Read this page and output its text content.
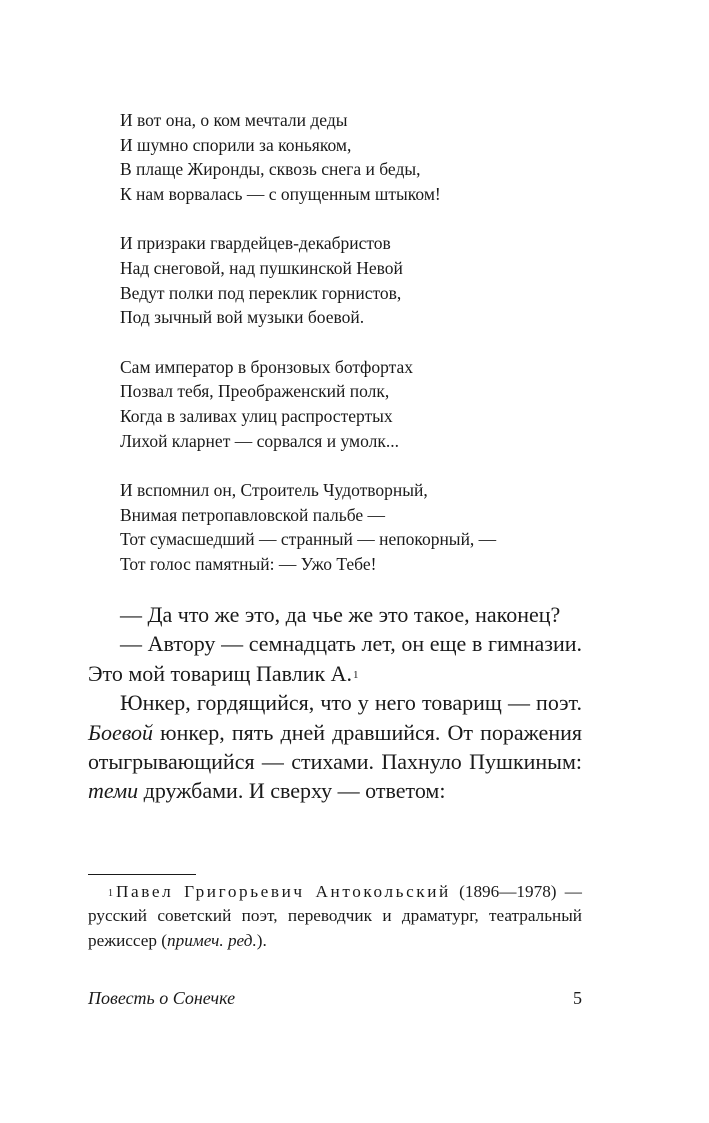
И вот она, о ком мечтали деды
И шумно спорили за коньяком,
В плаще Жиронды, сквозь снега и беды,
К нам ворвалась — с опущенным штыком!
И призраки гвардейцев-декабристов
Над снеговой, над пушкинской Невой
Ведут полки под переклик горнистов,
Под зычный вой музыки боевой.
Сам император в бронзовых ботфортах
Позвал тебя, Преображенский полк,
Когда в заливах улиц распростертых
Лихой кларнет — сорвался и умолк...
И вспомнил он, Строитель Чудотворный,
Внимая петропавловской пальбе —
Тот сумасшедший — странный — непокорный, —
Тот голос памятный: — Ужо Тебе!

— Да что же это, да чье же это такое, наконец?

— Автору — семнадцать лет, он еще в гимназии. Это мой товарищ Павлик А.$^1$

Юнкер, гордящийся, что у него товарищ — поэт. Боевой юнкер, пять дней дравшийся. От поражения отыгрывающийся — стихами. Пахнуло Пушкиным: теми дружбами. И сверху — ответом:

$^1$ Павел Григорьевич Антокольский (1896—1978) — русский советский поэт, переводчик и драматург, театральный режиссер (примеч. ред.).

Повесть о Сонечке	5
